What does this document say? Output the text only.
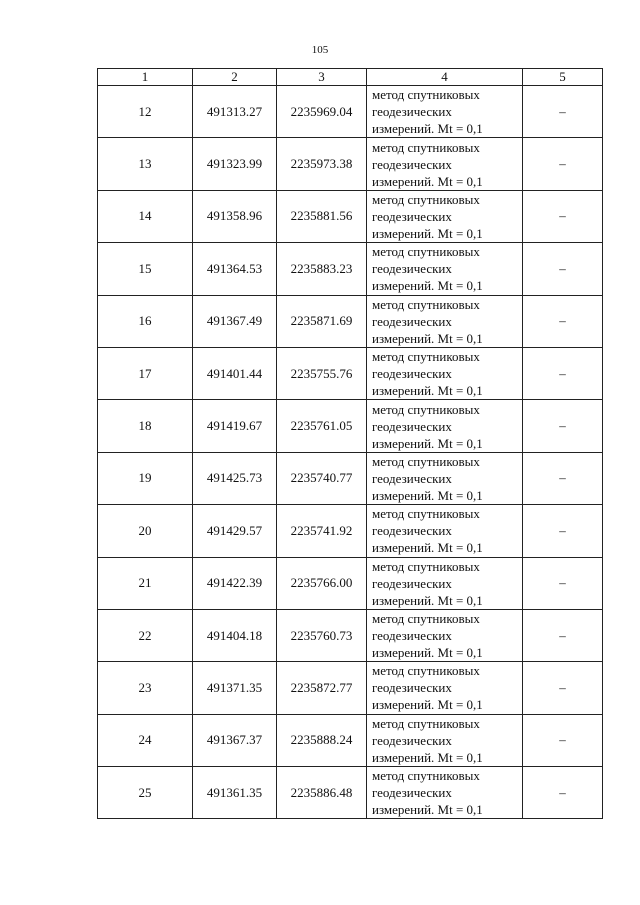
105
1	2	3	4	5
12	491313.27	2235969.04	метод спутниковых
геодезических
измерений. Mt = 0,1	–
13	491323.99	2235973.38	метод спутниковых
геодезических
измерений. Mt = 0,1	–
14	491358.96	2235881.56	метод спутниковых
геодезических
измерений. Mt = 0,1	–
15	491364.53	2235883.23	метод спутниковых
геодезических
измерений. Mt = 0,1	–
16	491367.49	2235871.69	метод спутниковых
геодезических
измерений. Mt = 0,1	–
17	491401.44	2235755.76	метод спутниковых
геодезических
измерений. Mt = 0,1	–
18	491419.67	2235761.05	метод спутниковых
геодезических
измерений. Mt = 0,1	–
19	491425.73	2235740.77	метод спутниковых
геодезических
измерений. Mt = 0,1	–
20	491429.57	2235741.92	метод спутниковых
геодезических
измерений. Mt = 0,1	–
21	491422.39	2235766.00	метод спутниковых
геодезических
измерений. Mt = 0,1	–
22	491404.18	2235760.73	метод спутниковых
геодезических
измерений. Mt = 0,1	–
23	491371.35	2235872.77	метод спутниковых
геодезических
измерений. Mt = 0,1	–
24	491367.37	2235888.24	метод спутниковых
геодезических
измерений. Mt = 0,1	–
25	491361.35	2235886.48	метод спутниковых
геодезических
измерений. Mt = 0,1	–
